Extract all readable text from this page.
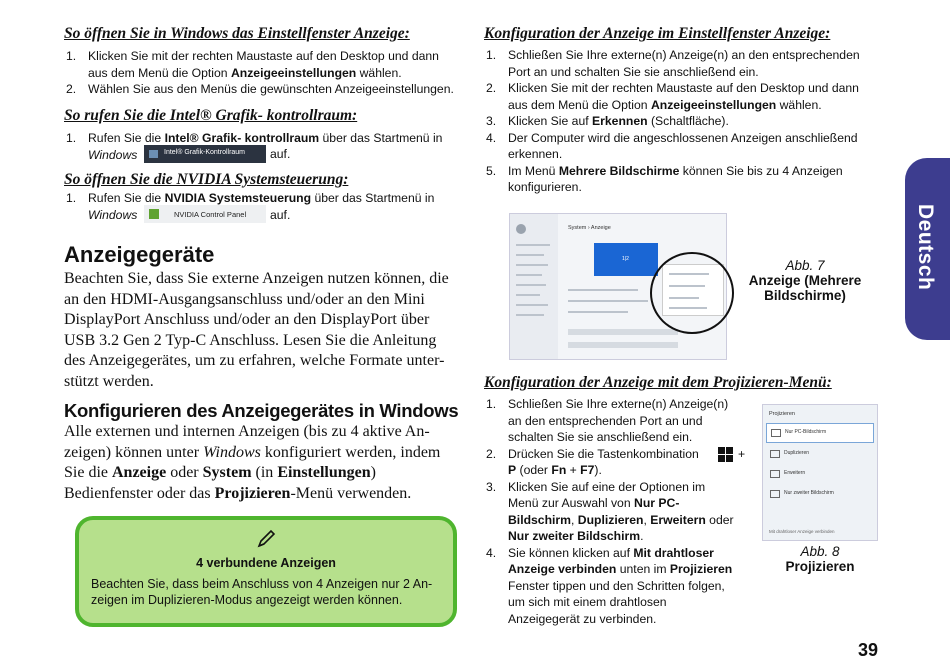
So öffnen Sie in Windows das Einstellfenster Anzeige:
1. Klicken Sie mit der rechten Maustaste auf den Desktop und dann
aus dem Menü die Option Anzeigeeinstellungen wählen.
2. Wählen Sie aus den Menüs die gewünschten Anzeigeeinstellungen.
So rufen Sie die Intel® Grafik- kontrollraum:
1. Rufen Sie die Intel® Grafik- kontrollraum über das Startmenü in
Windows	Intel® Grafik-Kontrollraum auf.
So öffnen Sie die NVIDIA Systemsteuerung:
1. Rufen Sie die NVIDIA Systemsteuerung über das Startmenü in
Windows	NVIDIA Control Panel auf.
Anzeigegeräte
Beachten Sie, dass Sie externe Anzeigen nutzen können, die
an den HDMI-Ausgangsanschluss und/oder an den Mini
DisplayPort Anschluss und/oder an den DisplayPort über
USB 3.2 Gen 2 Typ-C Anschluss. Lesen Sie die Anleitung
des Anzeigegerätes, um zu erfahren, welche Formate unter-
stützt werden.
Konfigurieren des Anzeigegerätes in Windows
Alle externen und internen Anzeigen (bis zu 4 aktive An-
zeigen) können unter Windows konfiguriert werden, indem
Sie die Anzeige oder System (in Einstellungen)
Bedienfenster oder das Projizieren-Menü verwenden.
4 verbundene Anzeigen
Beachten Sie, dass beim Anschluss von 4 Anzeigen nur 2 An-
zeigen im Duplizieren-Modus angezeigt werden können.
Konfiguration der Anzeige im Einstellfenster Anzeige:
1. Schließen Sie Ihre externe(n) Anzeige(n) an den entsprechenden
Port an und schalten Sie sie anschließend ein.
2. Klicken Sie mit der rechten Maustaste auf den Desktop und dann
aus dem Menü die Option Anzeigeeinstellungen wählen.
3. Klicken Sie auf Erkennen (Schaltfläche).
4. Der Computer wird die angeschlossenen Anzeigen anschließend
erkennen.
5. Im Menü Mehrere Bildschirme können Sie bis zu 4 Anzeigen
konfigurieren.
System › Anzeige
1|2	Abb. 7
Anzeige (Mehrere
Bildschirme)
Konfiguration der Anzeige mit dem Projizieren-Menü:
1. Schließen Sie Ihre externe(n) Anzeige(n)
an den entsprechenden Port an und
schalten Sie sie anschließend ein.
2. Drücken Sie die Tastenkombination	+

P (oder Fn + F7).
3. Klicken Sie auf eine der Optionen im
Menü zur Auswahl von Nur PC-
Bildschirm, Duplizieren, Erweitern oder
Nur zweiter Bildschirm.
4. Sie können klicken auf Mit drahtloser
Anzeige verbinden unten im Projizieren
Fenster tippen und den Schritten folgen,
um sich mit einem drahtlosen
Anzeigegerät zu verbinden.
Projizieren
Nur PC-Bildschirm
Duplizieren
Erweitern
Nur zweiter Bildschirm
Mit drahtloser Anzeige verbinden
Abb. 8
Projizieren
Deutsch
39
